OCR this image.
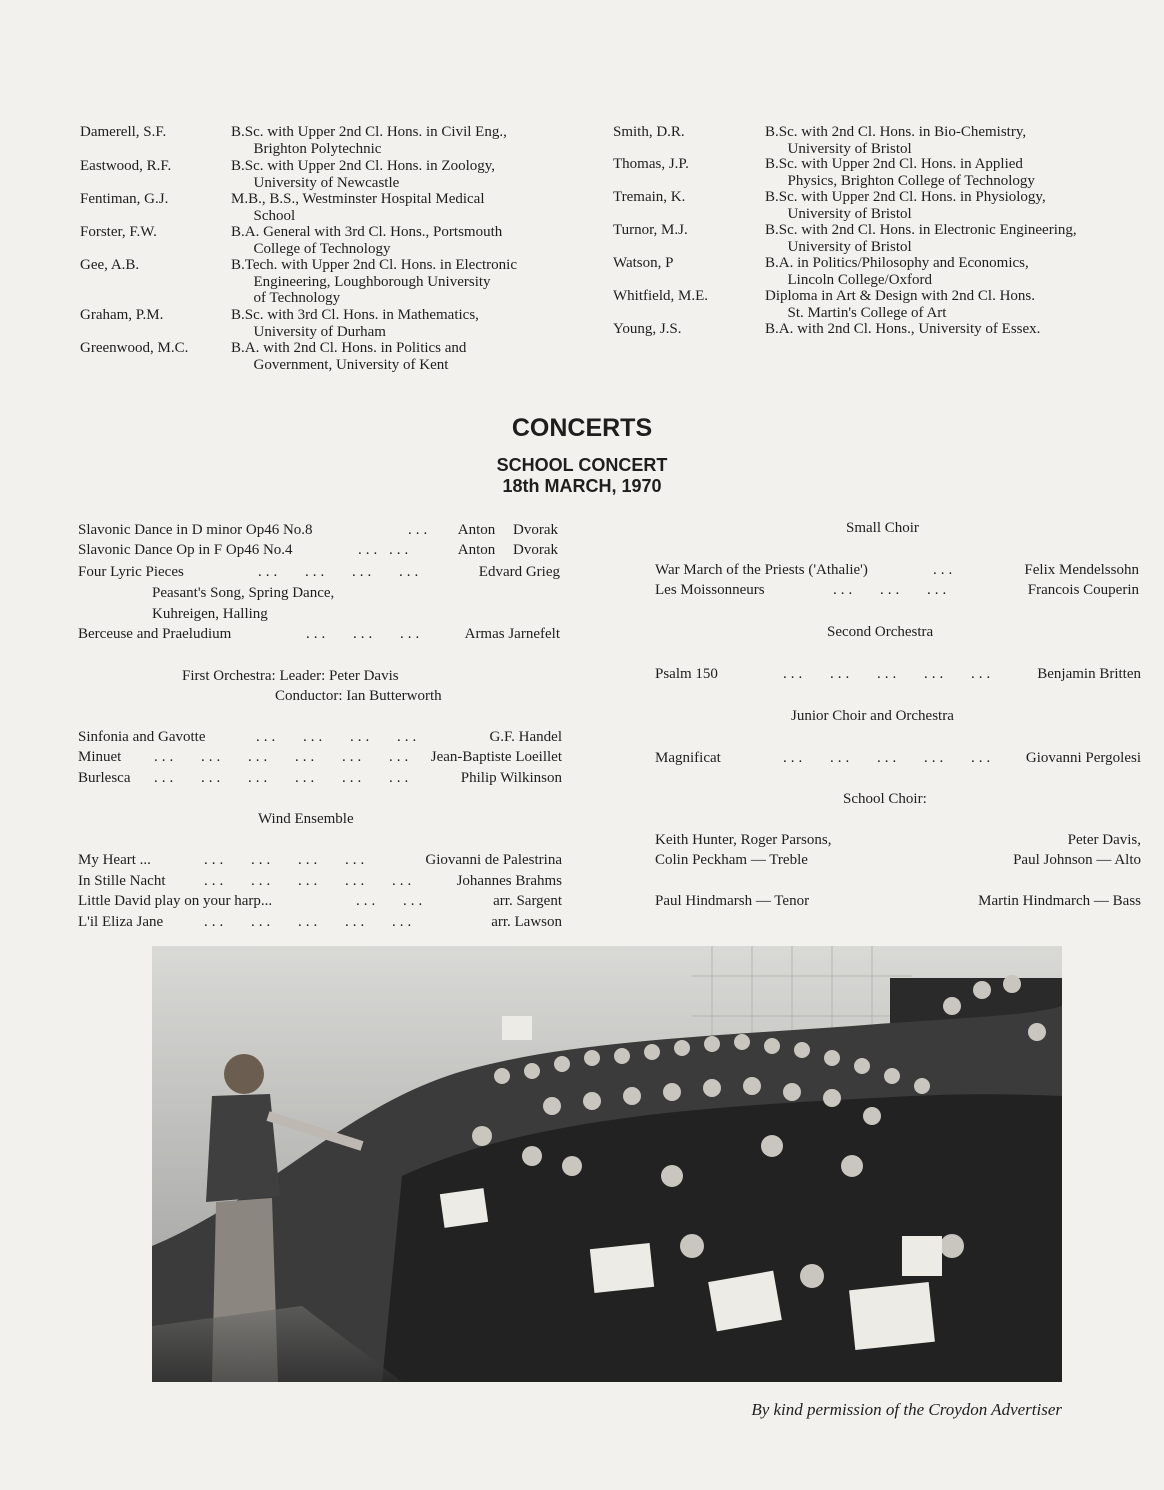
Damerell, S.F.	B.Sc. with Upper 2nd Cl. Hons. in Civil Eng.,
Brighton Polytechnic
Eastwood, R.F.	B.Sc. with Upper 2nd Cl. Hons. in Zoology,
University of Newcastle
Fentiman, G.J.	M.B., B.S., Westminster Hospital Medical
School
Forster, F.W.	B.A. General with 3rd Cl. Hons., Portsmouth
College of Technology
Gee, A.B.	B.Tech. with Upper 2nd Cl. Hons. in Electronic
Engineering, Loughborough University
of Technology
Graham, P.M.	B.Sc. with 3rd Cl. Hons. in Mathematics,
University of Durham
Greenwood, M.C.	B.A. with 2nd Cl. Hons. in Politics and
Government, University of Kent
Smith, D.R.	B.Sc. with 2nd Cl. Hons. in Bio-Chemistry,
University of Bristol
Thomas, J.P.	B.Sc. with Upper 2nd Cl. Hons. in Applied
Physics, Brighton College of Technology
Tremain, K.	B.Sc. with Upper 2nd Cl. Hons. in Physiology,
University of Bristol
Turnor, M.J.	B.Sc. with 2nd Cl. Hons. in Electronic Engineering,
University of Bristol
Watson, P	B.A. in Politics/Philosophy and Economics,
Lincoln College/Oxford
Whitfield, M.E.	Diploma in Art & Design with 2nd Cl. Hons.
St. Martin's College of Art
Young, J.S.	B.A. with 2nd Cl. Hons., University of Essex.
CONCERTS
SCHOOL CONCERT
18th MARCH, 1970
Slavonic Dance in D minor Op46 No.8	... Anton Dvorak
Slavonic Dance Op in F Op46 No.4	... ...	Anton Dvorak
Four Lyric Pieces	... ... ... ...	Edvard Grieg
Peasant's Song, Spring Dance,
Kuhreigen, Halling
Berceuse and Praeludium	... ... ...	Armas Jarnefelt
First Orchestra: Leader: Peter Davis
Conductor: Ian Butterworth
Sinfonia and Gavotte	... ... ... ...	G.F. Handel
Minuet ... ... ... ... ... ... Jean-Baptiste Loeillet
Burlesca ... ... ... ... ... ...	Philip Wilkinson
Wind Ensemble
My Heart ...	... ... ... ...	Giovanni de Palestrina
In Stille Nacht	... ... ... ... ...	Johannes Brahms
Little David play on your harp...	... ...	arr. Sargent
L'il Eliza Jane	... ... ... ... ...	arr. Lawson
Small Choir
War March of the Priests ('Athalie')	...	Felix Mendelssohn
Les Moissonneurs	... ... ...	Francois Couperin
Second Orchestra
Psalm 150	... ... ... ... ...	Benjamin Britten
Junior Choir and Orchestra
Magnificat	... ... ... ... ... Giovanni Pergolesi
School Choir:
Keith Hunter, Roger Parsons,	Peter Davis,
Colin Peckham — Treble	Paul Johnson — Alto
Paul Hindmarsh — Tenor	Martin Hindmarch — Bass
By kind permission of the Croydon Advertiser
